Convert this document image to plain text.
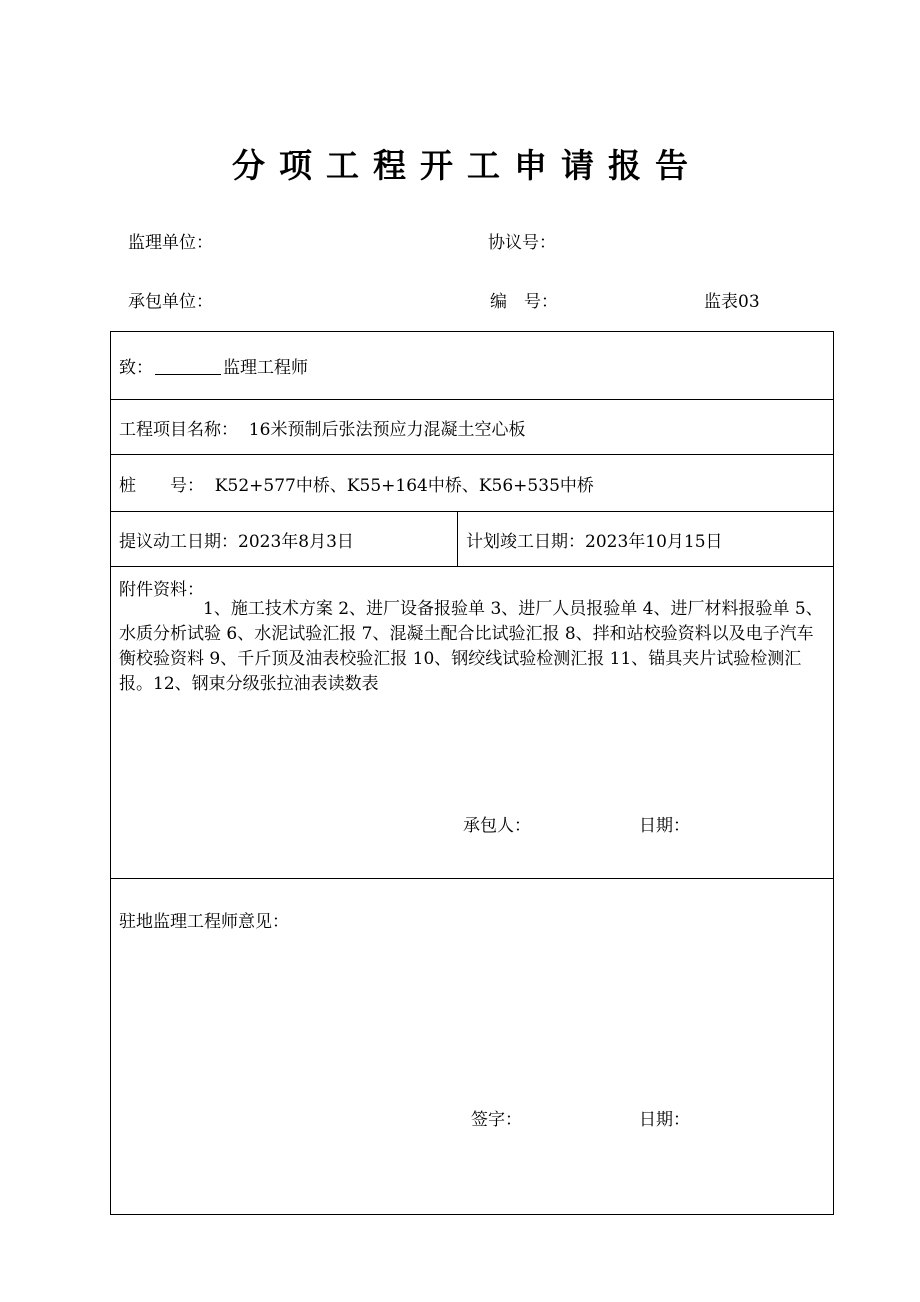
分 项 工 程 开 工 申 请 报 告
监理单位：	协议号：
承包单位：	编　号：	监表03
致：	监理工程师
工程项目名称：  16米预制后张法预应力混凝土空心板
桩　　号：  K52+577中桥、K55+164中桥、K56+535中桥
提议动工日期：2023年8月3日	计划竣工日期：2023年10月15日

附件资料：
1、施工技术方案 2、进厂设备报验单 3、进厂人员报验单 4、进厂材料报验单 5、水质分析试验 6、水泥试验汇报 7、混凝土配合比试验汇报 8、拌和站校验资料以及电子汽车衡校验资料 9、千斤顶及油表校验汇报 10、钢绞线试验检测汇报 11、锚具夹片试验检测汇报。12、钢束分级张拉油表读数表
承包人：	日期：

驻地监理工程师意见：
签字：	日期：
